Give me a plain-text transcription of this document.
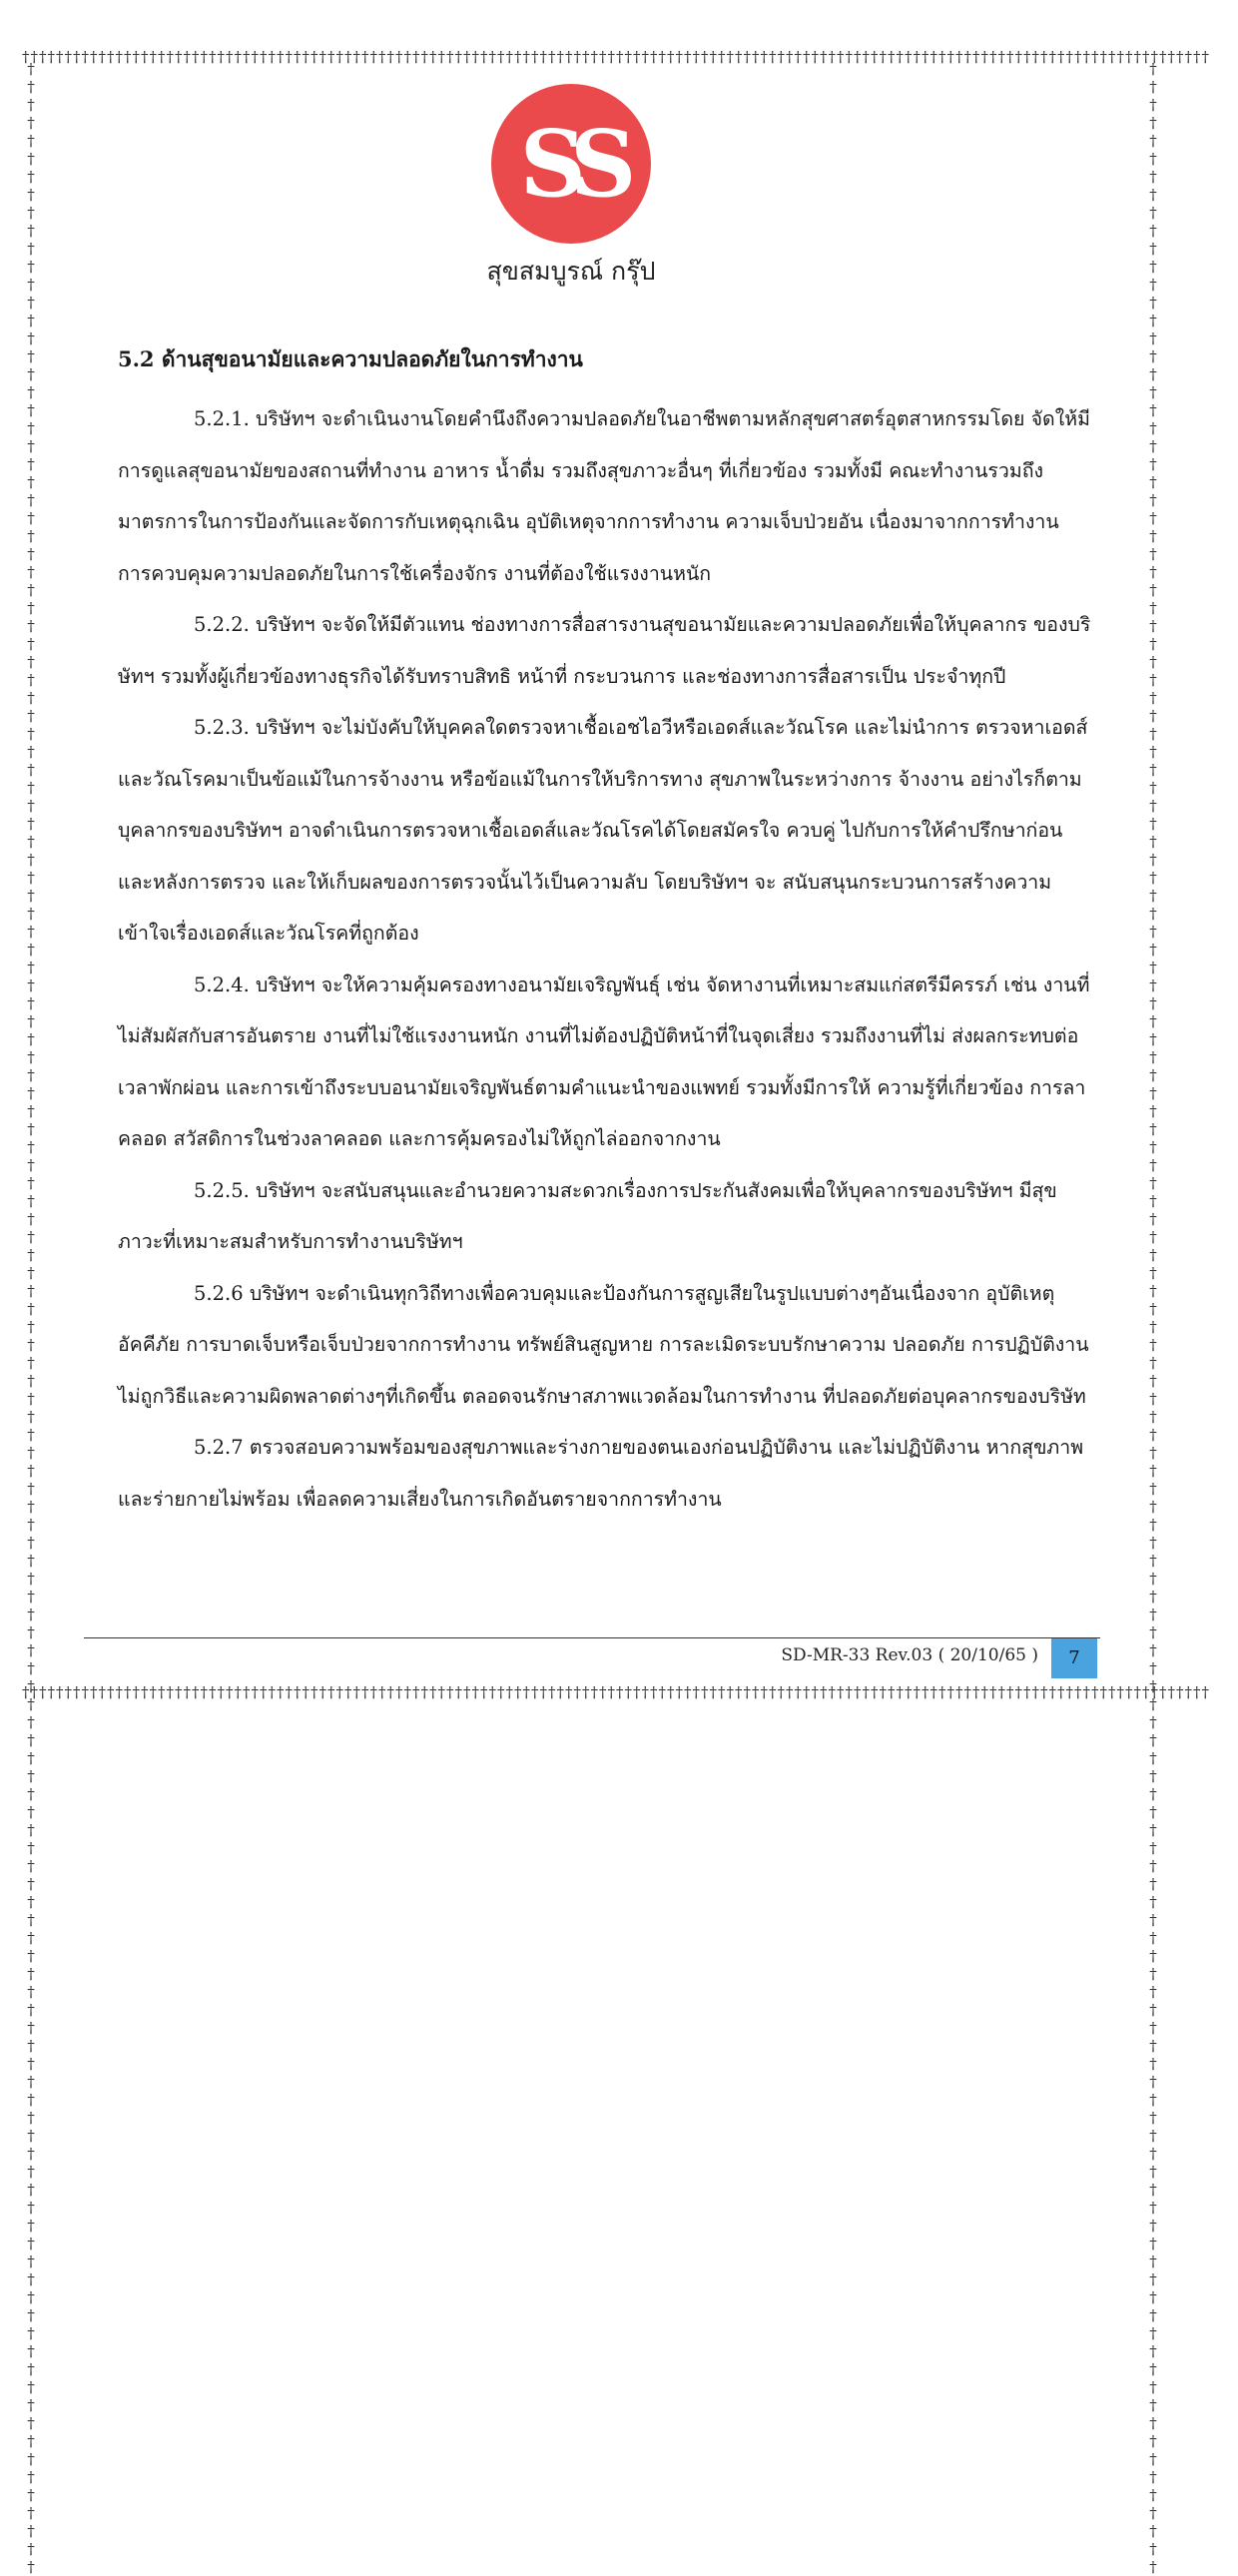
††††††††††††††††††††††††††††††††††††††††††††††††††††††††††††††††††††††††††††††††††††††††††††††††††††††††††††††††††††††††††††††††††††††††††††
††††††††††††††††††††††††††††††††††††††††††††††††††††††††††††††††††††††††††††††††††††††††††††††††††††††††††††††††††††††††††††††††††††††††††††
††††††††††††††††††††††††††††††††††††††††††††††††††††††††††††††††††††††††††††††††††††††††††††††††††††††††††††††††††††††††††††††††††††††††††††	††††††††††††††††††††††††††††††††††††††††††††††††††††††††††††††††††††††††††††††††††††††††††††††††††††††††††††††††††††††††††††††††††††††††††††
SS
สุขสมบูรณ์ กรุ๊ป
5.2 ด้านสุขอนามัยและความปลอดภัยในการทำงาน

5.2.1. บริษัทฯ จะดำเนินงานโดยคำนึงถึงความปลอดภัยในอาชีพตามหลักสุขศาสตร์อุตสาหกรรมโดย จัดให้มีการดูแลสุขอนามัยของสถานที่ทำงาน อาหาร น้ำดื่ม รวมถึงสุขภาวะอื่นๆ ที่เกี่ยวข้อง รวมทั้งมี คณะทำงานรวมถึงมาตรการในการป้องกันและจัดการกับเหตุฉุกเฉิน อุบัติเหตุจากการทำงาน ความเจ็บป่วยอัน เนื่องมาจากการทำงานการควบคุมความปลอดภัยในการใช้เครื่องจักร งานที่ต้องใช้แรงงานหนัก

5.2.2. บริษัทฯ จะจัดให้มีตัวแทน ช่องทางการสื่อสารงานสุขอนามัยและความปลอดภัยเพื่อให้บุคลากร ของบริษัทฯ รวมทั้งผู้เกี่ยวข้องทางธุรกิจได้รับทราบสิทธิ หน้าที่ กระบวนการ และช่องทางการสื่อสารเป็น ประจำทุกปี

5.2.3. บริษัทฯ จะไม่บังคับให้บุคคลใดตรวจหาเชื้อเอชไอวีหรือเอดส์และวัณโรค และไม่นำการ ตรวจหาเอดส์และวัณโรคมาเป็นข้อแม้ในการจ้างงาน หรือข้อแม้ในการให้บริการทาง สุขภาพในระหว่างการ จ้างงาน อย่างไรก็ตามบุคลากรของบริษัทฯ อาจดำเนินการตรวจหาเชื้อเอดส์และวัณโรคได้โดยสมัครใจ ควบคู่ ไปกับการให้คำปรึกษาก่อนและหลังการตรวจ และให้เก็บผลของการตรวจนั้นไว้เป็นความลับ โดยบริษัทฯ จะ สนับสนุนกระบวนการสร้างความเข้าใจเรื่องเอดส์และวัณโรคที่ถูกต้อง

5.2.4. บริษัทฯ จะให้ความคุ้มครองทางอนามัยเจริญพันธุ์ เช่น จัดหางานที่เหมาะสมแก่สตรีมีครรภ์ เช่น งานที่ไม่สัมผัสกับสารอันตราย งานที่ไม่ใช้แรงงานหนัก งานที่ไม่ต้องปฏิบัติหน้าที่ในจุดเสี่ยง รวมถึงงานที่ไม่ ส่งผลกระทบต่อเวลาพักผ่อน และการเข้าถึงระบบอนามัยเจริญพันธ์ตามคำแนะนำของแพทย์ รวมทั้งมีการให้ ความรู้ที่เกี่ยวข้อง การลาคลอด สวัสดิการในช่วงลาคลอด และการคุ้มครองไม่ให้ถูกไล่ออกจากงาน

5.2.5. บริษัทฯ จะสนับสนุนและอำนวยความสะดวกเรื่องการประกันสังคมเพื่อให้บุคลากรของบริษัทฯ มีสุขภาวะที่เหมาะสมสำหรับการทำงานบริษัทฯ

5.2.6 บริษัทฯ จะดำเนินทุกวิถีทางเพื่อควบคุมและป้องกันการสูญเสียในรูปแบบต่างๆอันเนื่องจาก อุบัติเหตุ อัคคีภัย การบาดเจ็บหรือเจ็บป่วยจากการทำงาน ทรัพย์สินสูญหาย การละเมิดระบบรักษาความ ปลอดภัย การปฏิบัติงานไม่ถูกวิธีและความผิดพลาดต่างๆที่เกิดขึ้น ตลอดจนรักษาสภาพแวดล้อมในการทำงาน ที่ปลอดภัยต่อบุคลากรของบริษัท

5.2.7 ตรวจสอบความพร้อมของสุขภาพและร่างกายของตนเองก่อนปฏิบัติงาน และไม่ปฏิบัติงาน หากสุขภาพและร่ายกายไม่พร้อม เพื่อลดความเสี่ยงในการเกิดอันตรายจากการทำงาน

SD-MR-33 Rev.03 ( 20/10/65 )	7
